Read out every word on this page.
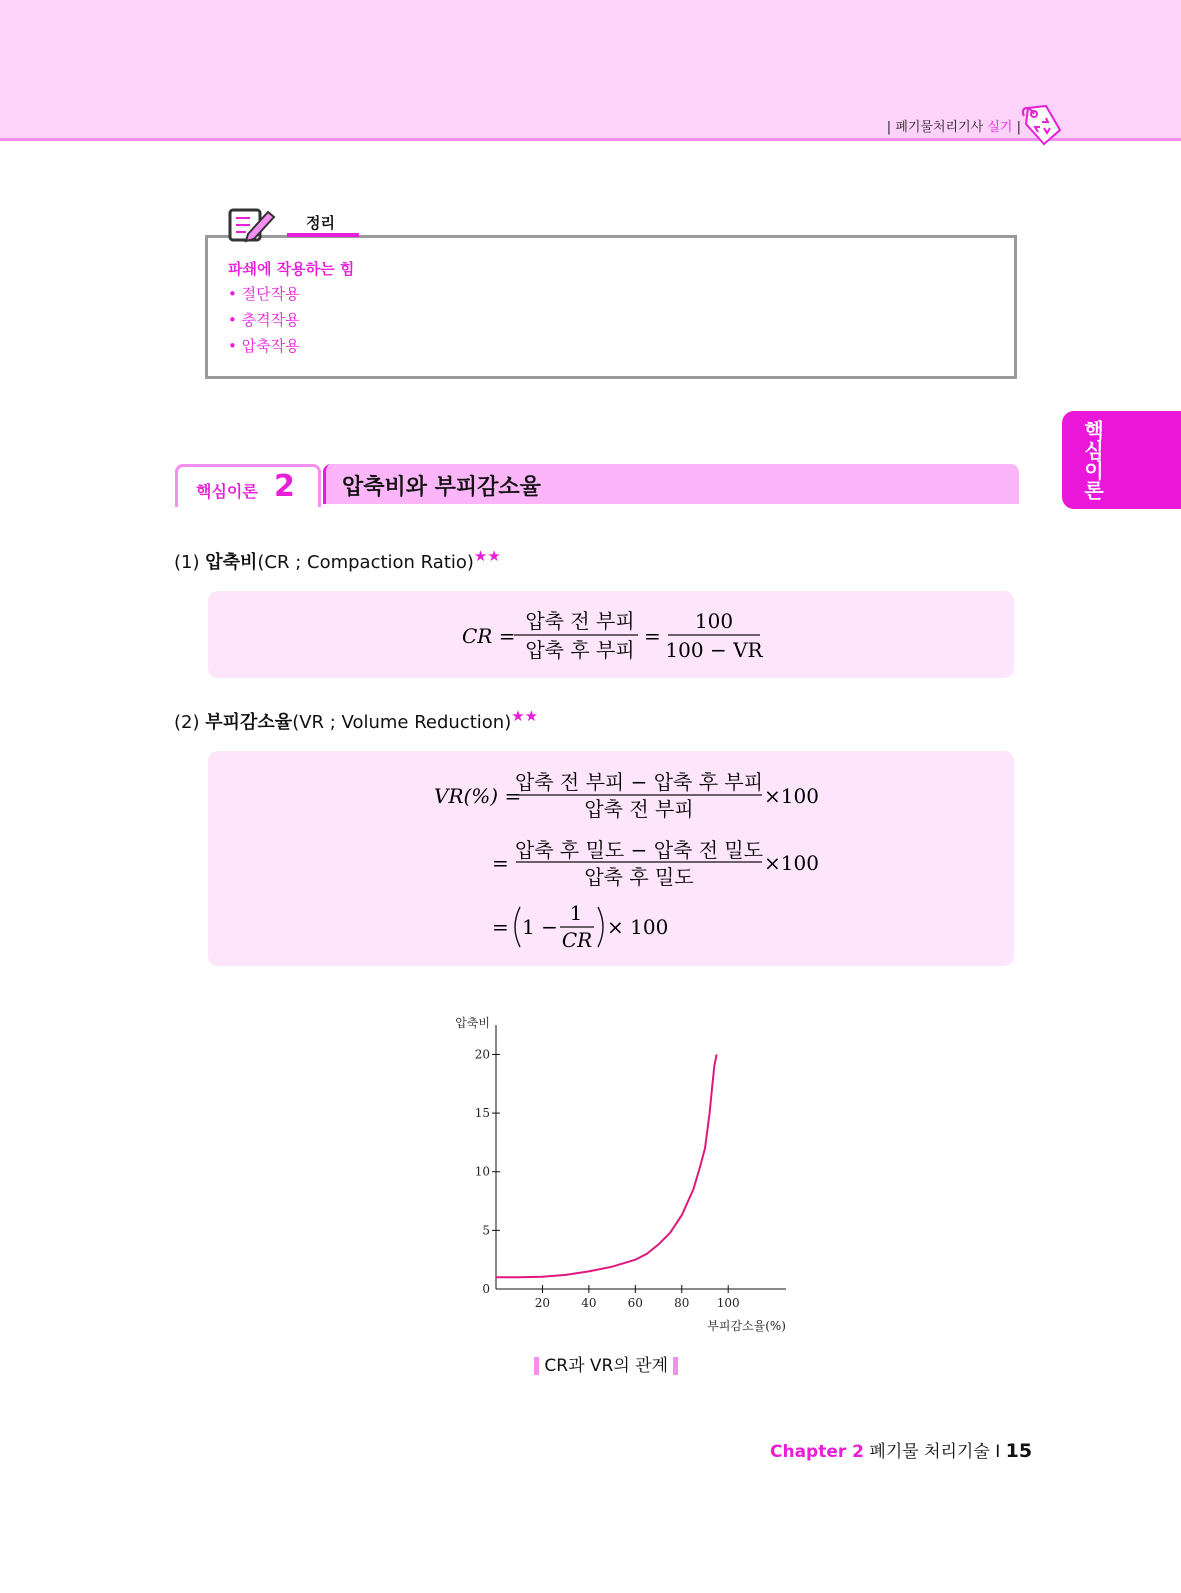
| 폐기물처리기사 실기 |
정리
파쇄에 작용하는 힘
• 절단작용
• 충격작용
• 압축작용
핵심이론
핵심이론 2 압축비와 부피감소율
(1) 압축비(CR ; Compaction Ratio)★★
CR =
압축 전 부피
압축 후 부피
=
100
100 − VR
(2) 부피감소율(VR ; Volume Reduction)★★
VR(%) =
압축 전 부피 − 압축 후 부피
압축 전 부피
×100
=
압축 후 밀도 − 압축 전 밀도
압축 후 밀도
×100
= 1 −
1
CR
× 100
압축비
부피감소율(%)
0
5
10
15
20
20	40	60	80 100
CR과 VR의 관계
Chapter 2 폐기물 처리기술 I 15
